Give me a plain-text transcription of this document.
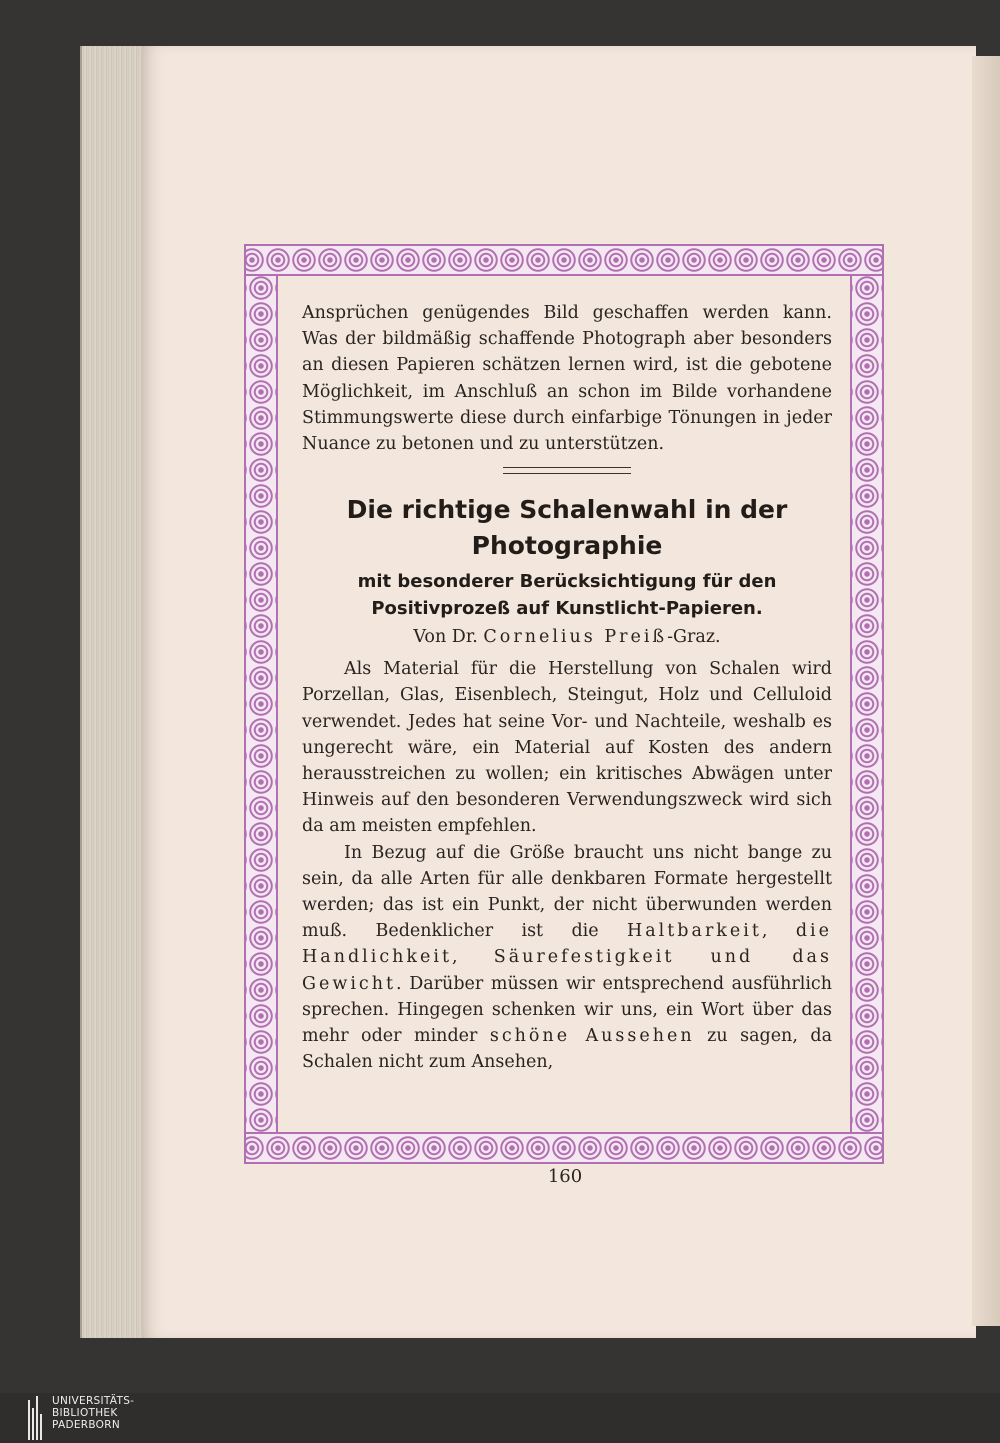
Ansprüchen genügendes Bild geschaffen werden kann. Was der bildmäßig schaffende Photograph aber besonders an diesen Papieren schätzen lernen wird, ist die gebotene Möglichkeit, im Anschluß an schon im Bilde vorhandene Stimmungswerte diese durch einfarbige Tönungen in jeder Nuance zu betonen und zu unterstützen.

Die richtige Schalenwahl in der Photographie
mit besonderer Berücksichtigung für den Positivprozeß auf Kunstlicht-Papieren.

Von Dr. Cornelius Preiß-Graz.

Als Material für die Herstellung von Schalen wird Porzellan, Glas, Eisenblech, Steingut, Holz und Celluloid verwendet. Jedes hat seine Vor- und Nachteile, weshalb es ungerecht wäre, ein Material auf Kosten des andern herausstreichen zu wollen; ein kritisches Abwägen unter Hinweis auf den besonderen Verwendungszweck wird sich da am meisten empfehlen.

In Bezug auf die Größe braucht uns nicht bange zu sein, da alle Arten für alle denkbaren Formate hergestellt werden; das ist ein Punkt, der nicht überwunden werden muß. Bedenklicher ist die Haltbarkeit, die Handlichkeit, Säurefestigkeit und das Gewicht. Darüber müssen wir entsprechend ausführlich sprechen. Hingegen schenken wir uns, ein Wort über das mehr oder minder schöne Aussehen zu sagen, da Schalen nicht zum Ansehen,

160
UNIVERSITÄTS-
BIBLIOTHEK
PADERBORN
